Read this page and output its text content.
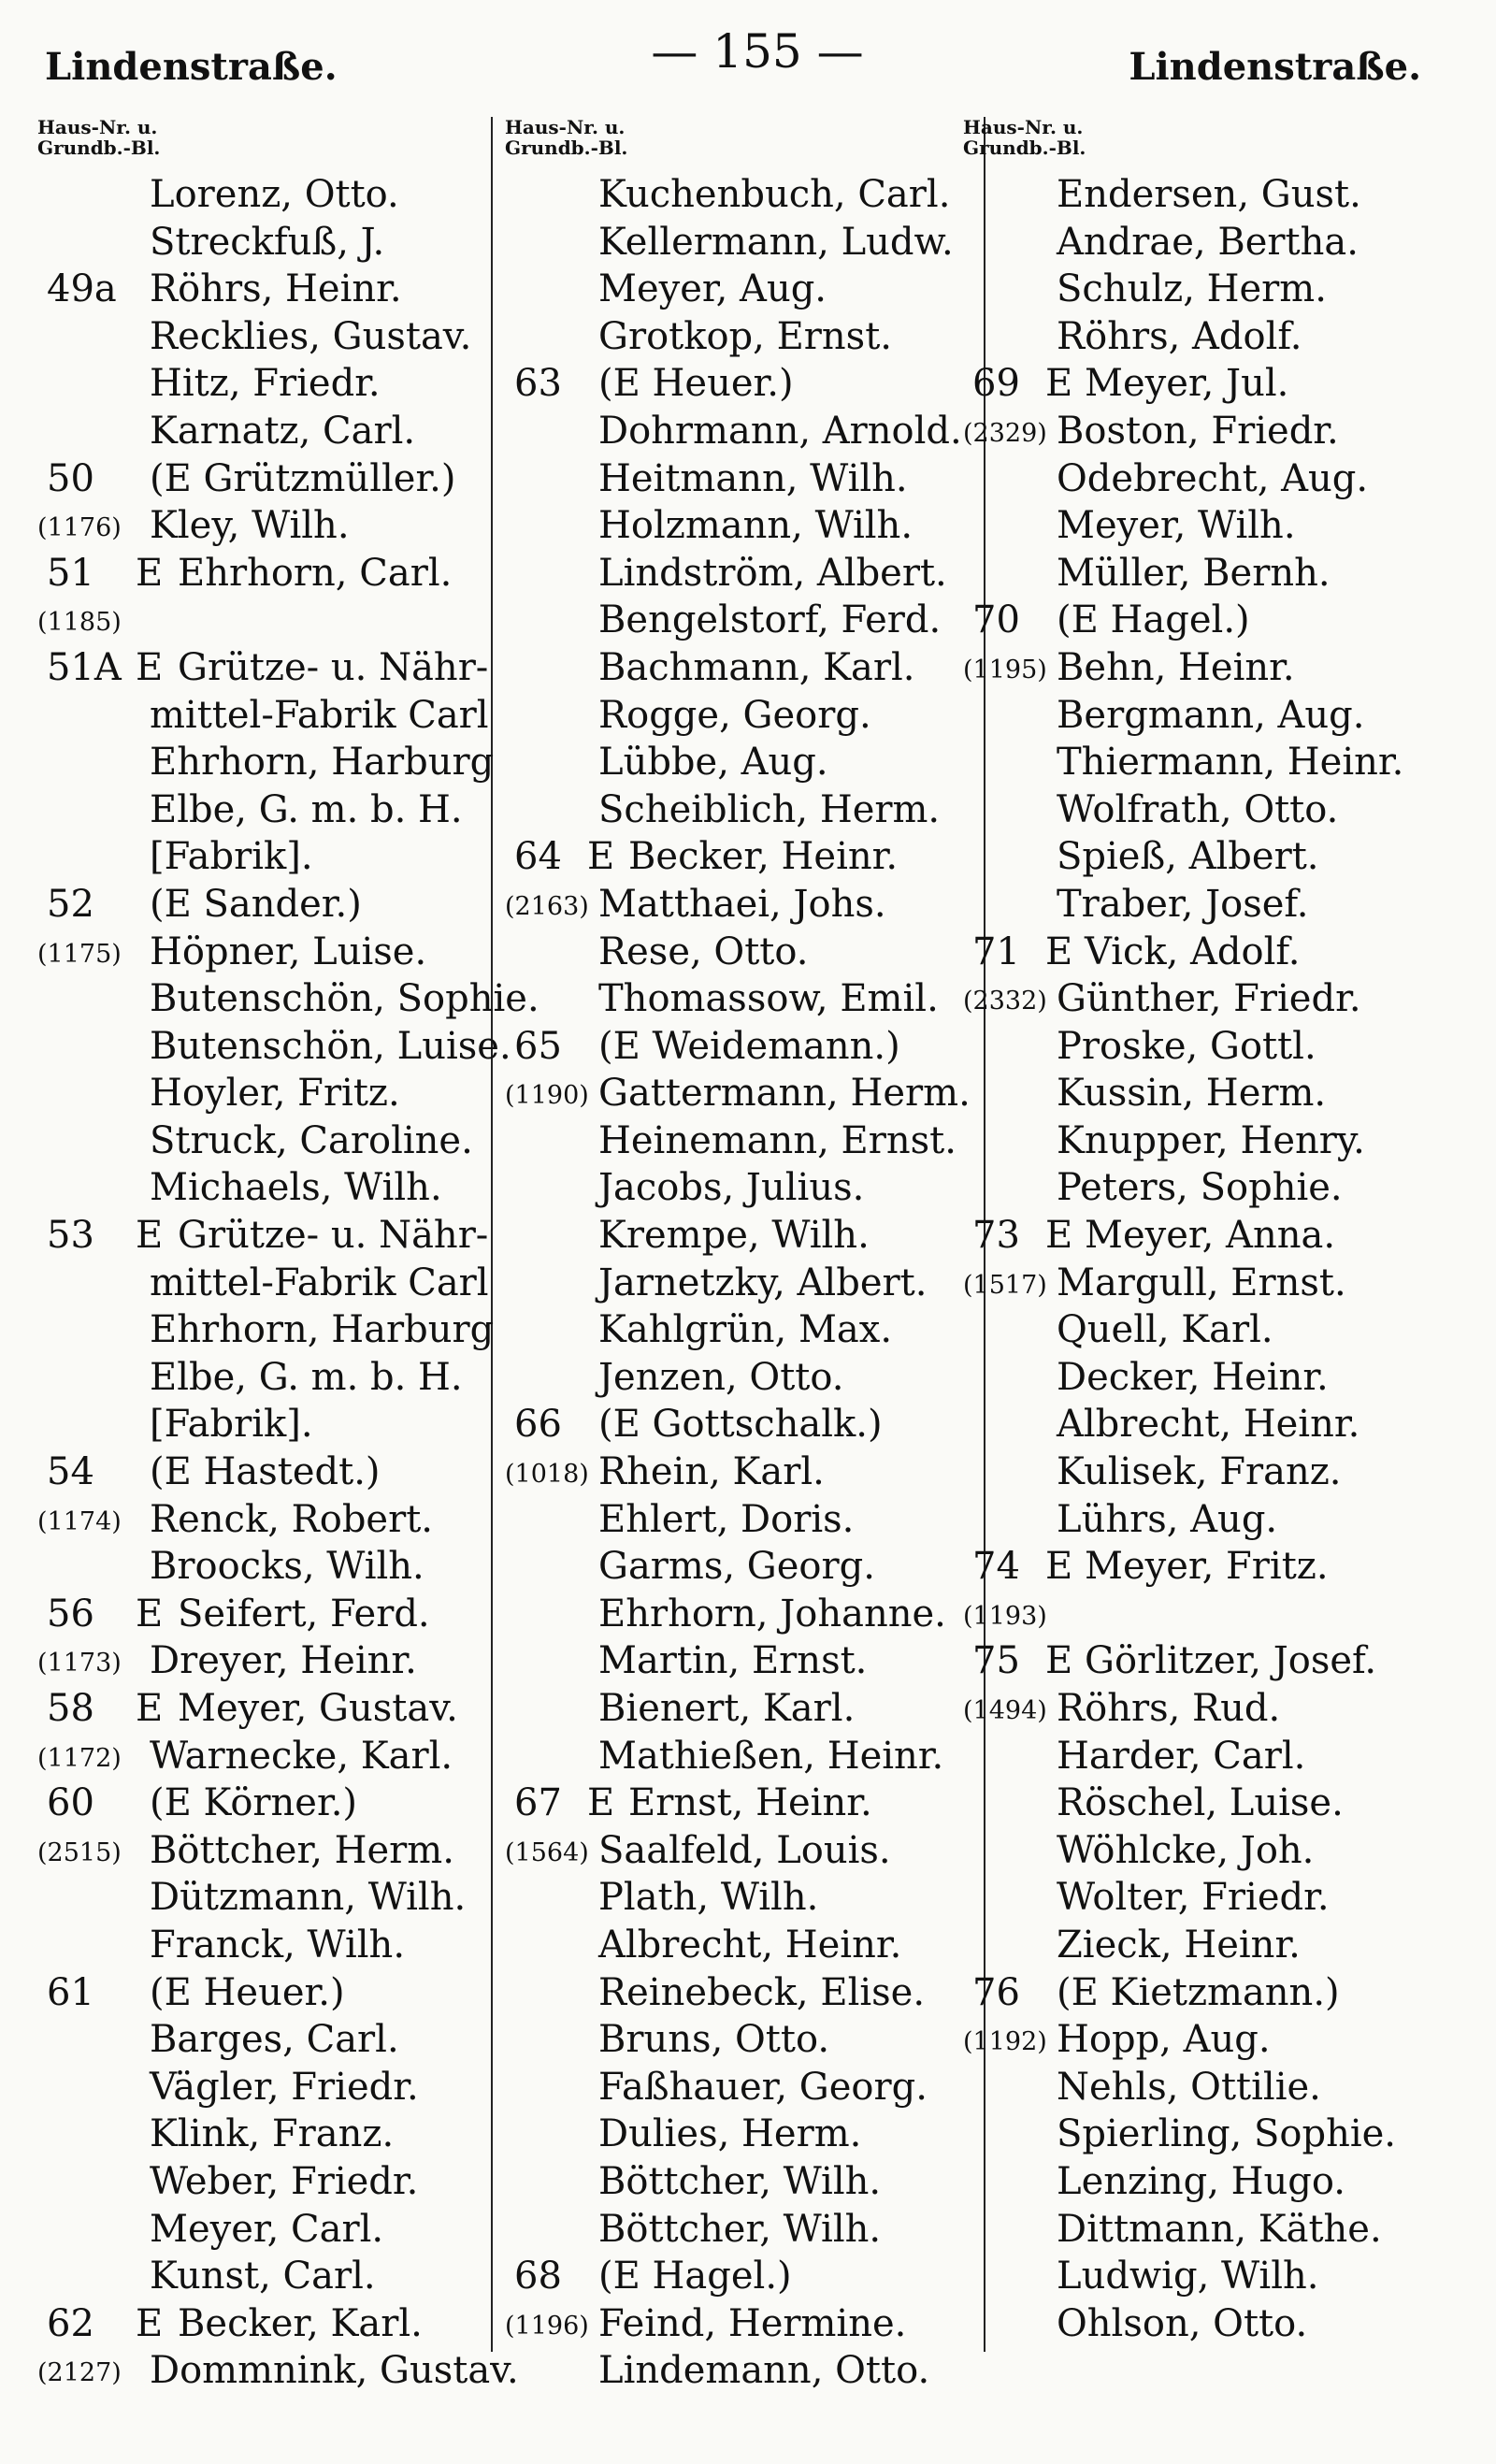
Lindenstraße.	— 155 —	Lindenstraße.
Haus-Nr. u.
Grundb.-Bl.
Lorenz, Otto.
Streckfuß, J.
49a Röhrs, Heinr.
Recklies, Gustav.
Hitz, Friedr.
Karnatz, Carl.
50 (E Grützmüller.)
(1176) Kley, Wilh.
51 E Ehrhorn, Carl.
(1185)
51A E Grütze- u. Nähr-
mittel-Fabrik Carl
Ehrhorn, Harburg
Elbe, G. m. b. H.
[Fabrik].
52 (E Sander.)
(1175) Höpner, Luise.
Butenschön, Sophie.
Butenschön, Luise.
Hoyler, Fritz.
Struck, Caroline.
Michaels, Wilh.
53 E Grütze- u. Nähr-
mittel-Fabrik Carl
Ehrhorn, Harburg
Elbe, G. m. b. H.
[Fabrik].
54 (E Hastedt.)
(1174) Renck, Robert.
Broocks, Wilh.
56 E Seifert, Ferd.
(1173) Dreyer, Heinr.
58 E Meyer, Gustav.
(1172) Warnecke, Karl.
60 (E Körner.)
(2515) Böttcher, Herm.
Dützmann, Wilh.
Franck, Wilh.
61 (E Heuer.)
Barges, Carl.
Vägler, Friedr.
Klink, Franz.
Weber, Friedr.
Meyer, Carl.
Kunst, Carl.
62 E Becker, Karl.
(2127) Dommnink, Gustav.
Haus-Nr. u.
Grundb.-Bl.
Kuchenbuch, Carl.
Kellermann, Ludw.
Meyer, Aug.
Grotkop, Ernst.
63 (E Heuer.)
Dohrmann, Arnold.
Heitmann, Wilh.
Holzmann, Wilh.
Lindström, Albert.
Bengelstorf, Ferd.
Bachmann, Karl.
Rogge, Georg.
Lübbe, Aug.
Scheiblich, Herm.
64 E Becker, Heinr.
(2163) Matthaei, Johs.
Rese, Otto.
Thomassow, Emil.
65 (E Weidemann.)
(1190) Gattermann, Herm.
Heinemann, Ernst.
Jacobs, Julius.
Krempe, Wilh.
Jarnetzky, Albert.
Kahlgrün, Max.
Jenzen, Otto.
66 (E Gottschalk.)
(1018) Rhein, Karl.
Ehlert, Doris.
Garms, Georg.
Ehrhorn, Johanne.
Martin, Ernst.
Bienert, Karl.
Mathießen, Heinr.
67 E Ernst, Heinr.
(1564) Saalfeld, Louis.
Plath, Wilh.
Albrecht, Heinr.
Reinebeck, Elise.
Bruns, Otto.
Faßhauer, Georg.
Dulies, Herm.
Böttcher, Wilh.
Böttcher, Wilh.
68 (E Hagel.)
(1196) Feind, Hermine.
Lindemann, Otto.
Haus-Nr. u.
Grundb.-Bl.
Endersen, Gust.
Andrae, Bertha.
Schulz, Herm.
Röhrs, Adolf.
69 E Meyer, Jul.
(2329) Boston, Friedr.
Odebrecht, Aug.
Meyer, Wilh.
Müller, Bernh.
70 (E Hagel.)
(1195) Behn, Heinr.
Bergmann, Aug.
Thiermann, Heinr.
Wolfrath, Otto.
Spieß, Albert.
Traber, Josef.
71 E Vick, Adolf.
(2332) Günther, Friedr.
Proske, Gottl.
Kussin, Herm.
Knupper, Henry.
Peters, Sophie.
73 E Meyer, Anna.
(1517) Margull, Ernst.
Quell, Karl.
Decker, Heinr.
Albrecht, Heinr.
Kulisek, Franz.
Lührs, Aug.
74 E Meyer, Fritz.
(1193)
75 E Görlitzer, Josef.
(1494) Röhrs, Rud.
Harder, Carl.
Röschel, Luise.
Wöhlcke, Joh.
Wolter, Friedr.
Zieck, Heinr.
76 (E Kietzmann.)
(1192) Hopp, Aug.
Nehls, Ottilie.
Spierling, Sophie.
Lenzing, Hugo.
Dittmann, Käthe.
Ludwig, Wilh.
Ohlson, Otto.
